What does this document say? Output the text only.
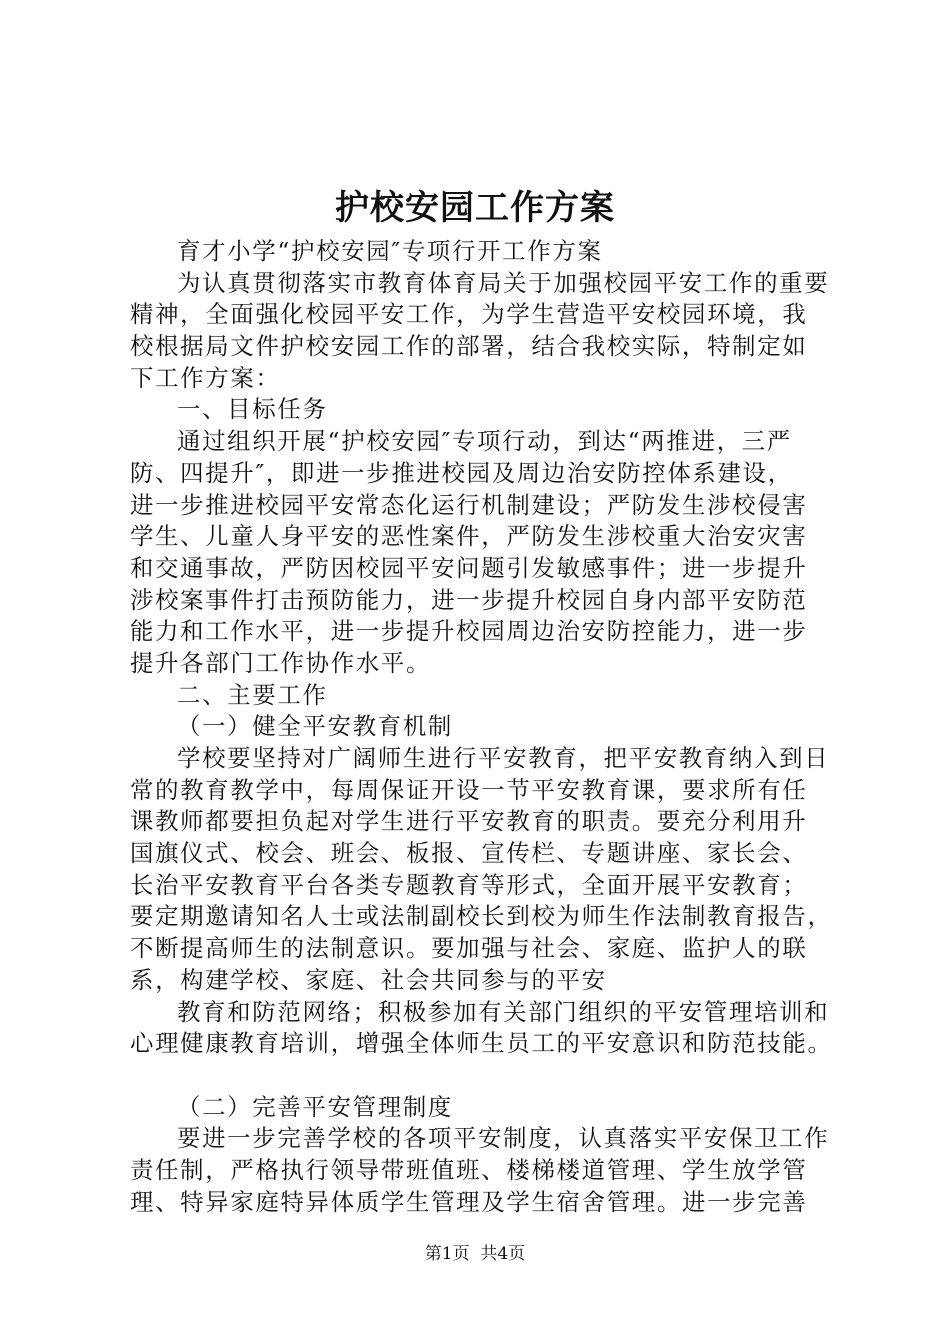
护校安园工作方案
育才小学“护校安园″专项行开工作方案
为认真贯彻落实市教育体育局关于加强校园平安工作的重要
精神，全面强化校园平安工作，为学生营造平安校园环境，我
校根据局文件护校安园工作的部署，结合我校实际，特制定如
下工作方案：
一、目标任务
通过组织开展“护校安园″专项行动，到达“两推进，三严
防、四提升″，即进一步推进校园及周边治安防控体系建设，
进一步推进校园平安常态化运行机制建设；严防发生涉校侵害
学生、儿童人身平安的恶性案件，严防发生涉校重大治安灾害
和交通事故，严防因校园平安问题引发敏感事件；进一步提升
涉校案事件打击预防能力，进一步提升校园自身内部平安防范
能力和工作水平，进一步提升校园周边治安防控能力，进一步
提升各部门工作协作水平。
二、主要工作
（一）健全平安教育机制
学校要坚持对广阔师生进行平安教育，把平安教育纳入到日
常的教育教学中，每周保证开设一节平安教育课，要求所有任
课教师都要担负起对学生进行平安教育的职责。要充分利用升
国旗仪式、校会、班会、板报、宣传栏、专题讲座、家长会、
长治平安教育平台各类专题教育等形式，全面开展平安教育；
要定期邀请知名人士或法制副校长到校为师生作法制教育报告，
不断提高师生的法制意识。要加强与社会、家庭、监护人的联
系，构建学校、家庭、社会共同参与的平安
教育和防范网络；积极参加有关部门组织的平安管理培训和
心理健康教育培训，增强全体师生员工的平安意识和防范技能。
（二）完善平安管理制度
要进一步完善学校的各项平安制度，认真落实平安保卫工作
责任制，严格执行领导带班值班、楼梯楼道管理、学生放学管
理、特异家庭特异体质学生管理及学生宿舍管理。进一步完善
第1页  共4页
